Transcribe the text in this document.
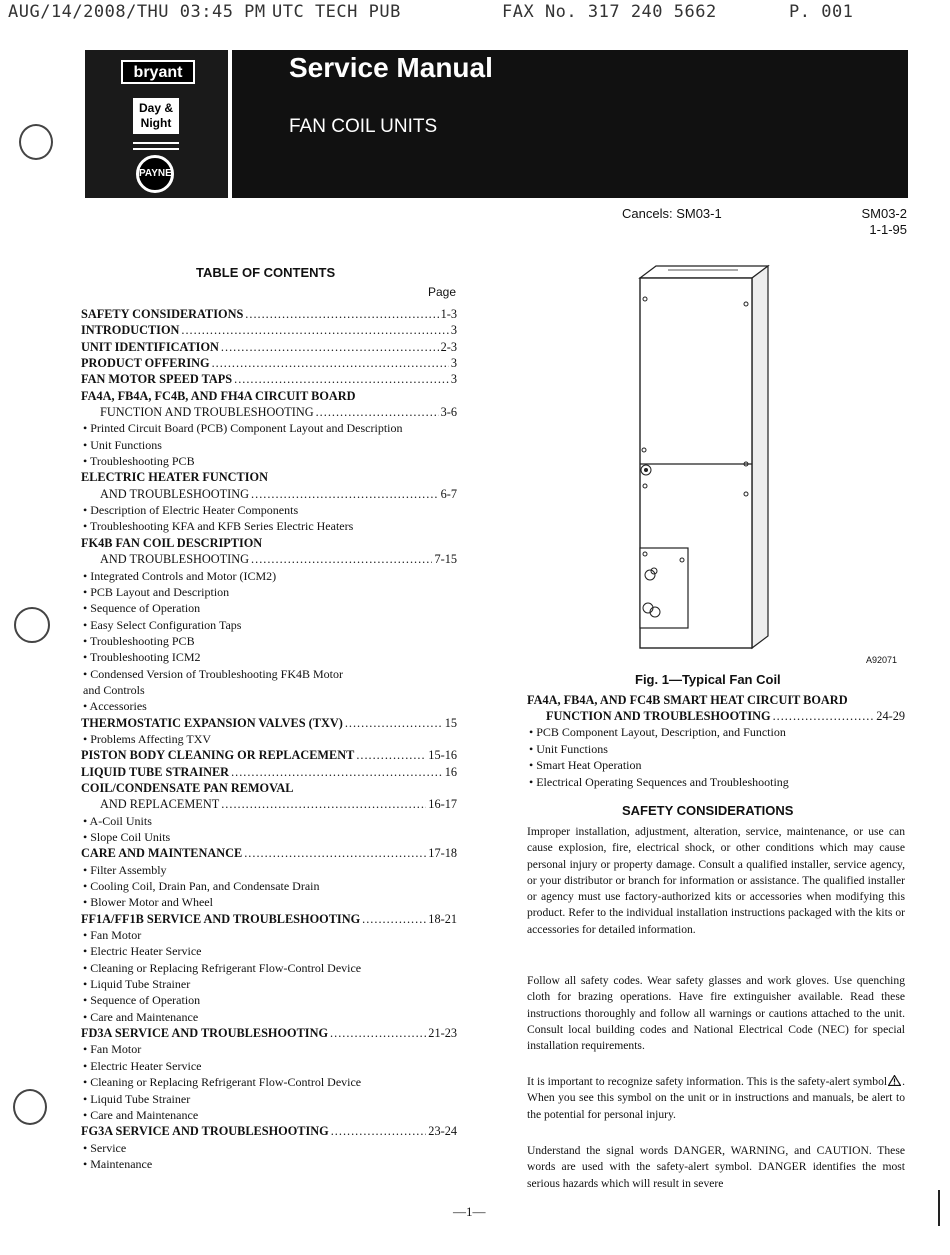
AUG/14/2008/THU 03:45 PM UTC TECH PUB	FAX No. 317 240 5662	P. 001
bryant
Day & Night
PAYNE
Service Manual
FAN COIL UNITS
TABLE OF CONTENTS
Page
SAFETY CONSIDERATIONS .....	1-3
INTRODUCTION .....	3
UNIT IDENTIFICATION .....	2-3
PRODUCT OFFERING .....	3
FAN MOTOR SPEED TAPS .....	3
FA4A, FB4A, FC4B, AND FH4A CIRCUIT BOARD
FUNCTION AND TROUBLESHOOTING .....	3-6
• Printed Circuit Board (PCB) Component Layout and Description
• Unit Functions
• Troubleshooting PCB
ELECTRIC HEATER FUNCTION
AND TROUBLESHOOTING .....	6-7
• Description of Electric Heater Components
• Troubleshooting KFA and KFB Series Electric Heaters
FK4B FAN COIL DESCRIPTION
AND TROUBLESHOOTING .....	7-15
• Integrated Controls and Motor (ICM2)
• PCB Layout and Description
• Sequence of Operation
• Easy Select Configuration Taps
• Troubleshooting PCB
• Troubleshooting ICM2
• Condensed Version of Troubleshooting FK4B Motor
and Controls
• Accessories
THERMOSTATIC EXPANSION VALVES (TXV) .....	15
• Problems Affecting TXV
PISTON BODY CLEANING OR REPLACEMENT .....	15-16
LIQUID TUBE STRAINER .....	16
COIL/CONDENSATE PAN REMOVAL
AND REPLACEMENT .....	16-17
• A-Coil Units
• Slope Coil Units
CARE AND MAINTENANCE .....	17-18
• Filter Assembly
• Cooling Coil, Drain Pan, and Condensate Drain
• Blower Motor and Wheel
FF1A/FF1B SERVICE AND TROUBLESHOOTING .....	18-21
• Fan Motor
• Electric Heater Service
• Cleaning or Replacing Refrigerant Flow-Control Device
• Liquid Tube Strainer
• Sequence of Operation
• Care and Maintenance
FD3A SERVICE AND TROUBLESHOOTING .....	21-23
• Fan Motor
• Electric Heater Service
• Cleaning or Replacing Refrigerant Flow-Control Device
• Liquid Tube Strainer
• Care and Maintenance
FG3A SERVICE AND TROUBLESHOOTING .....	23-24
• Service
• Maintenance
Cancels: SM03-1	SM03-2
1-1-95
A92071
Fig. 1—Typical Fan Coil
FA4A, FB4A, AND FC4B SMART HEAT CIRCUIT BOARD
FUNCTION AND TROUBLESHOOTING .....	24-29
• PCB Component Layout, Description, and Function
• Unit Functions
• Smart Heat Operation
• Electrical Operating Sequences and Troubleshooting
SAFETY CONSIDERATIONS
Improper installation, adjustment, alteration, service, maintenance, or use can cause explosion, fire, electrical shock, or other conditions which may cause personal injury or property damage. Consult a qualified installer, service agency, or your distributor or branch for information or assistance. The qualified installer or agency must use factory-authorized kits or accessories when modifying this product. Refer to the individual installation instructions packaged with the kits or accessories for detailed information.
Follow all safety codes. Wear safety glasses and work gloves. Use quenching cloth for brazing operations. Have fire extinguisher available. Read these instructions thoroughly and follow all warnings or cautions attached to the unit. Consult local building codes and National Electrical Code (NEC) for special installation requirements.
It is important to recognize safety information. This is the safety-alert symbol . When you see this symbol on the unit or in instructions and manuals, be alert to the potential for personal injury.
Understand the signal words DANGER, WARNING, and CAUTION. These words are used with the safety-alert symbol. DANGER identifies the most serious hazards which will result in severe
—1—
